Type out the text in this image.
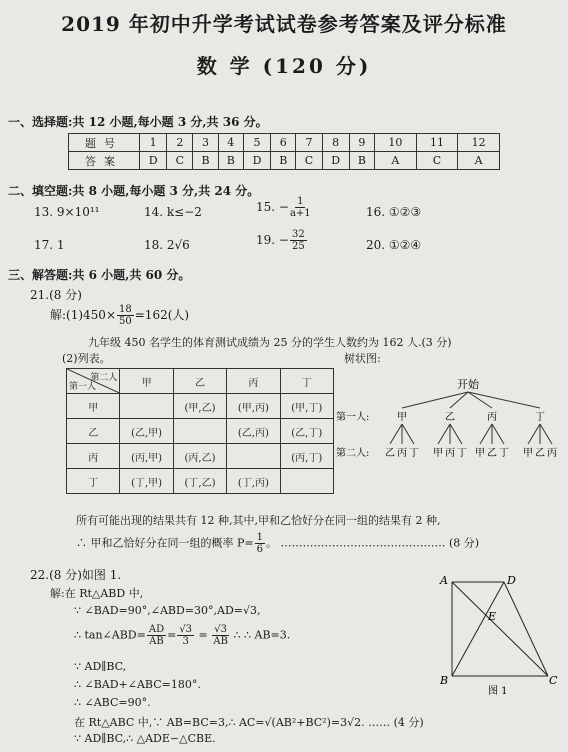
2019 年初中升学考试试卷参考答案及评分标准
数 学 (120 分)
一、选择题:共 12 小题,每小题 3 分,共 36 分。
题号	1	2	3	4	5	6	7	8	9	10	11	12
答案	D	C	B	B	D	B	C	D	B	A	C	A
二、填空题:共 8 小题,每小题 3 分,共 24 分。
13. 9×10¹¹	14. k≤−2	15. − $\frac{1}{a+1}$	16. ①②③
17. 1	18. 2√6	19. − $\frac{32}{25}$	20. ①②④
三、解答题:共 6 小题,共 60 分。
21.(8 分)
解:(1)450× $\frac{18}{50} =162$(人)
九年级 450 名学生的体育测试成绩为 25 分的学生人数约为 162 人.(3 分)
(2)列表。	树状图:
第二人
第一人	甲	乙	丙	丁
甲		(甲,乙)	(甲,丙)	(甲,丁)
乙	(乙,甲)		(乙,丙)	(乙,丁)
丙	(丙,甲)	(丙,乙)		(丙,丁)
丁	(丁,甲)	(丁,乙)	(丁,丙)	
开始
第一人:	甲	乙	丙	丁
第二人: 乙 丙 丁 甲 丙 丁 甲 乙 丁 甲 乙 丙
所有可能出现的结果共有 12 种,其中,甲和乙恰好分在同一组的结果有 2 种,
∴ 甲和乙恰好分在同一组的概率 $P= \frac{1}{6}$ 。 ……………………………………… (8 分)
22.(8 分)如图 1.
解:在 Rt△ABD 中,
∵ ∠BAD=90°,∠ABD=30°,AD=√3,
∴ tan∠ABD= $\frac{AD}{AB} = \frac{√3}{3} = \frac{√3}{AB}$ ∴ ∴ AB=3.
∵ AD∥BC,
∴ ∠BAD+∠ABC=180°.
∴ ∠ABC=90°.
在 Rt△ABC 中,∵ AB=BC=3,∴ AC=√(AB²+BC²)=3√2. …… (4 分)
∵ AD∥BC,∴ △ADE∽△CBE.
A	D
E
B	C
图 1
